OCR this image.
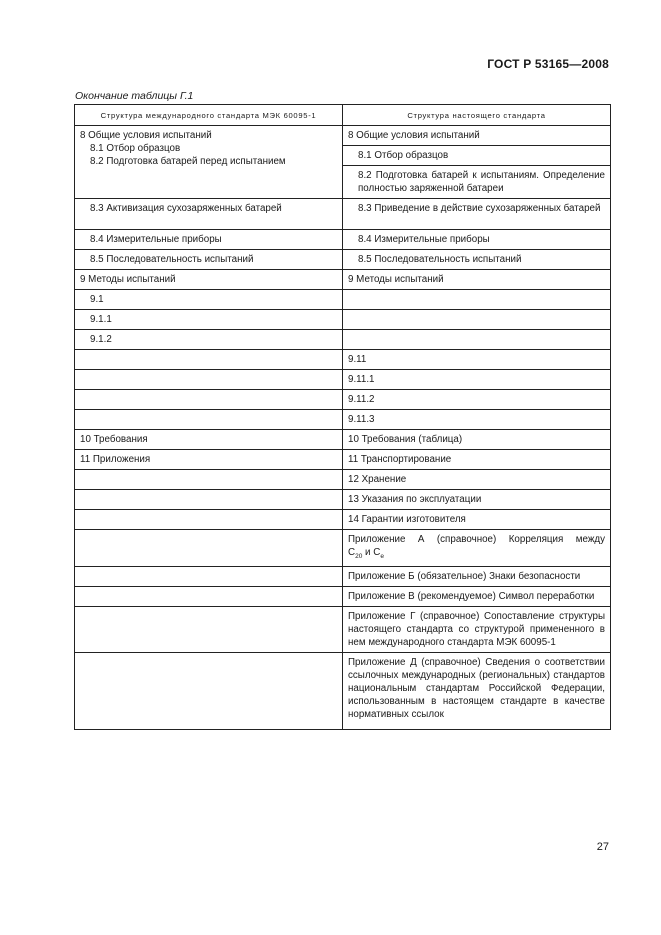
ГОСТ Р 53165—2008
Окончание таблицы Г.1
Структура международного стандарта МЭК 60095-1	Структура настоящего стандарта

8 Общие условия испытаний
8.1 Отбор образцов
8.2 Подготовка батарей перед испытанием	8 Общие условия испытаний
	8.1 Отбор образцов
	8.2 Подготовка батарей к испытаниям. Определение полностью заряженной батареи
8.3 Активизация сухозаряженных батарей	8.3 Приведение в действие сухозаряженных батарей
8.4 Измерительные приборы	8.4 Измерительные приборы
8.5 Последовательность испытаний	8.5 Последовательность испытаний
9 Методы испытаний	9 Методы испытаний
9.1	
9.1.1	
9.1.2	
	9.11
	9.11.1
	9.11.2
	9.11.3
10 Требования	10 Требования (таблица)
11 Приложения	11 Транспортирование
	12 Хранение
	13 Указания по эксплуатации
	14 Гарантии изготовителя

	Приложение А (справочное) Корреляция между
$C_{20}$ и $C_e$
	Приложение Б (обязательное) Знаки безопасности
	Приложение В (рекомендуемое) Символ переработки
	Приложение Г (справочное) Сопоставление структуры настоящего стандарта со структурой примененного в нем международного стандарта МЭК 60095-1
	Приложение Д (справочное) Сведения о соответствии ссылочных международных (региональных) стандартов национальным стандартам Российской Федерации, использованным в настоящем стандарте в качестве нормативных ссылок
27
